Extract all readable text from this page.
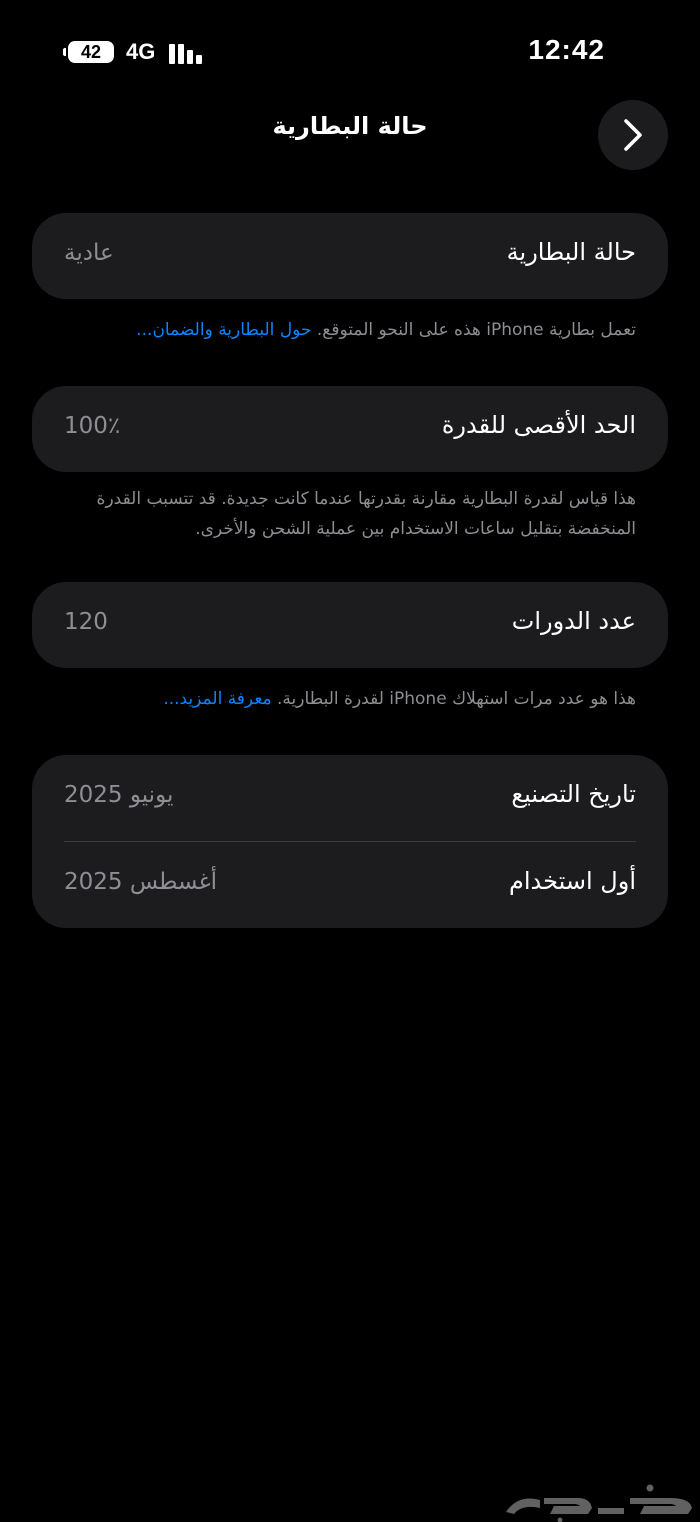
42 4G	12:42
حالة البطارية
حالة البطارية
عادية
تعمل بطارية iPhone هذه على النحو المتوقع. حول البطارية والضمان...
الحد الأقصى للقدرة
100٪
هذا قياس لقدرة البطارية مقارنة بقدرتها عندما كانت جديدة. قد تتسبب القدرة المنخفضة بتقليل ساعات الاستخدام بين عملية الشحن والأخرى.
عدد الدورات
120
هذا هو عدد مرات استهلاك iPhone لقدرة البطارية. معرفة المزيد...
تاريخ التصنيع
يونيو 2025
أول استخدام
أغسطس 2025
